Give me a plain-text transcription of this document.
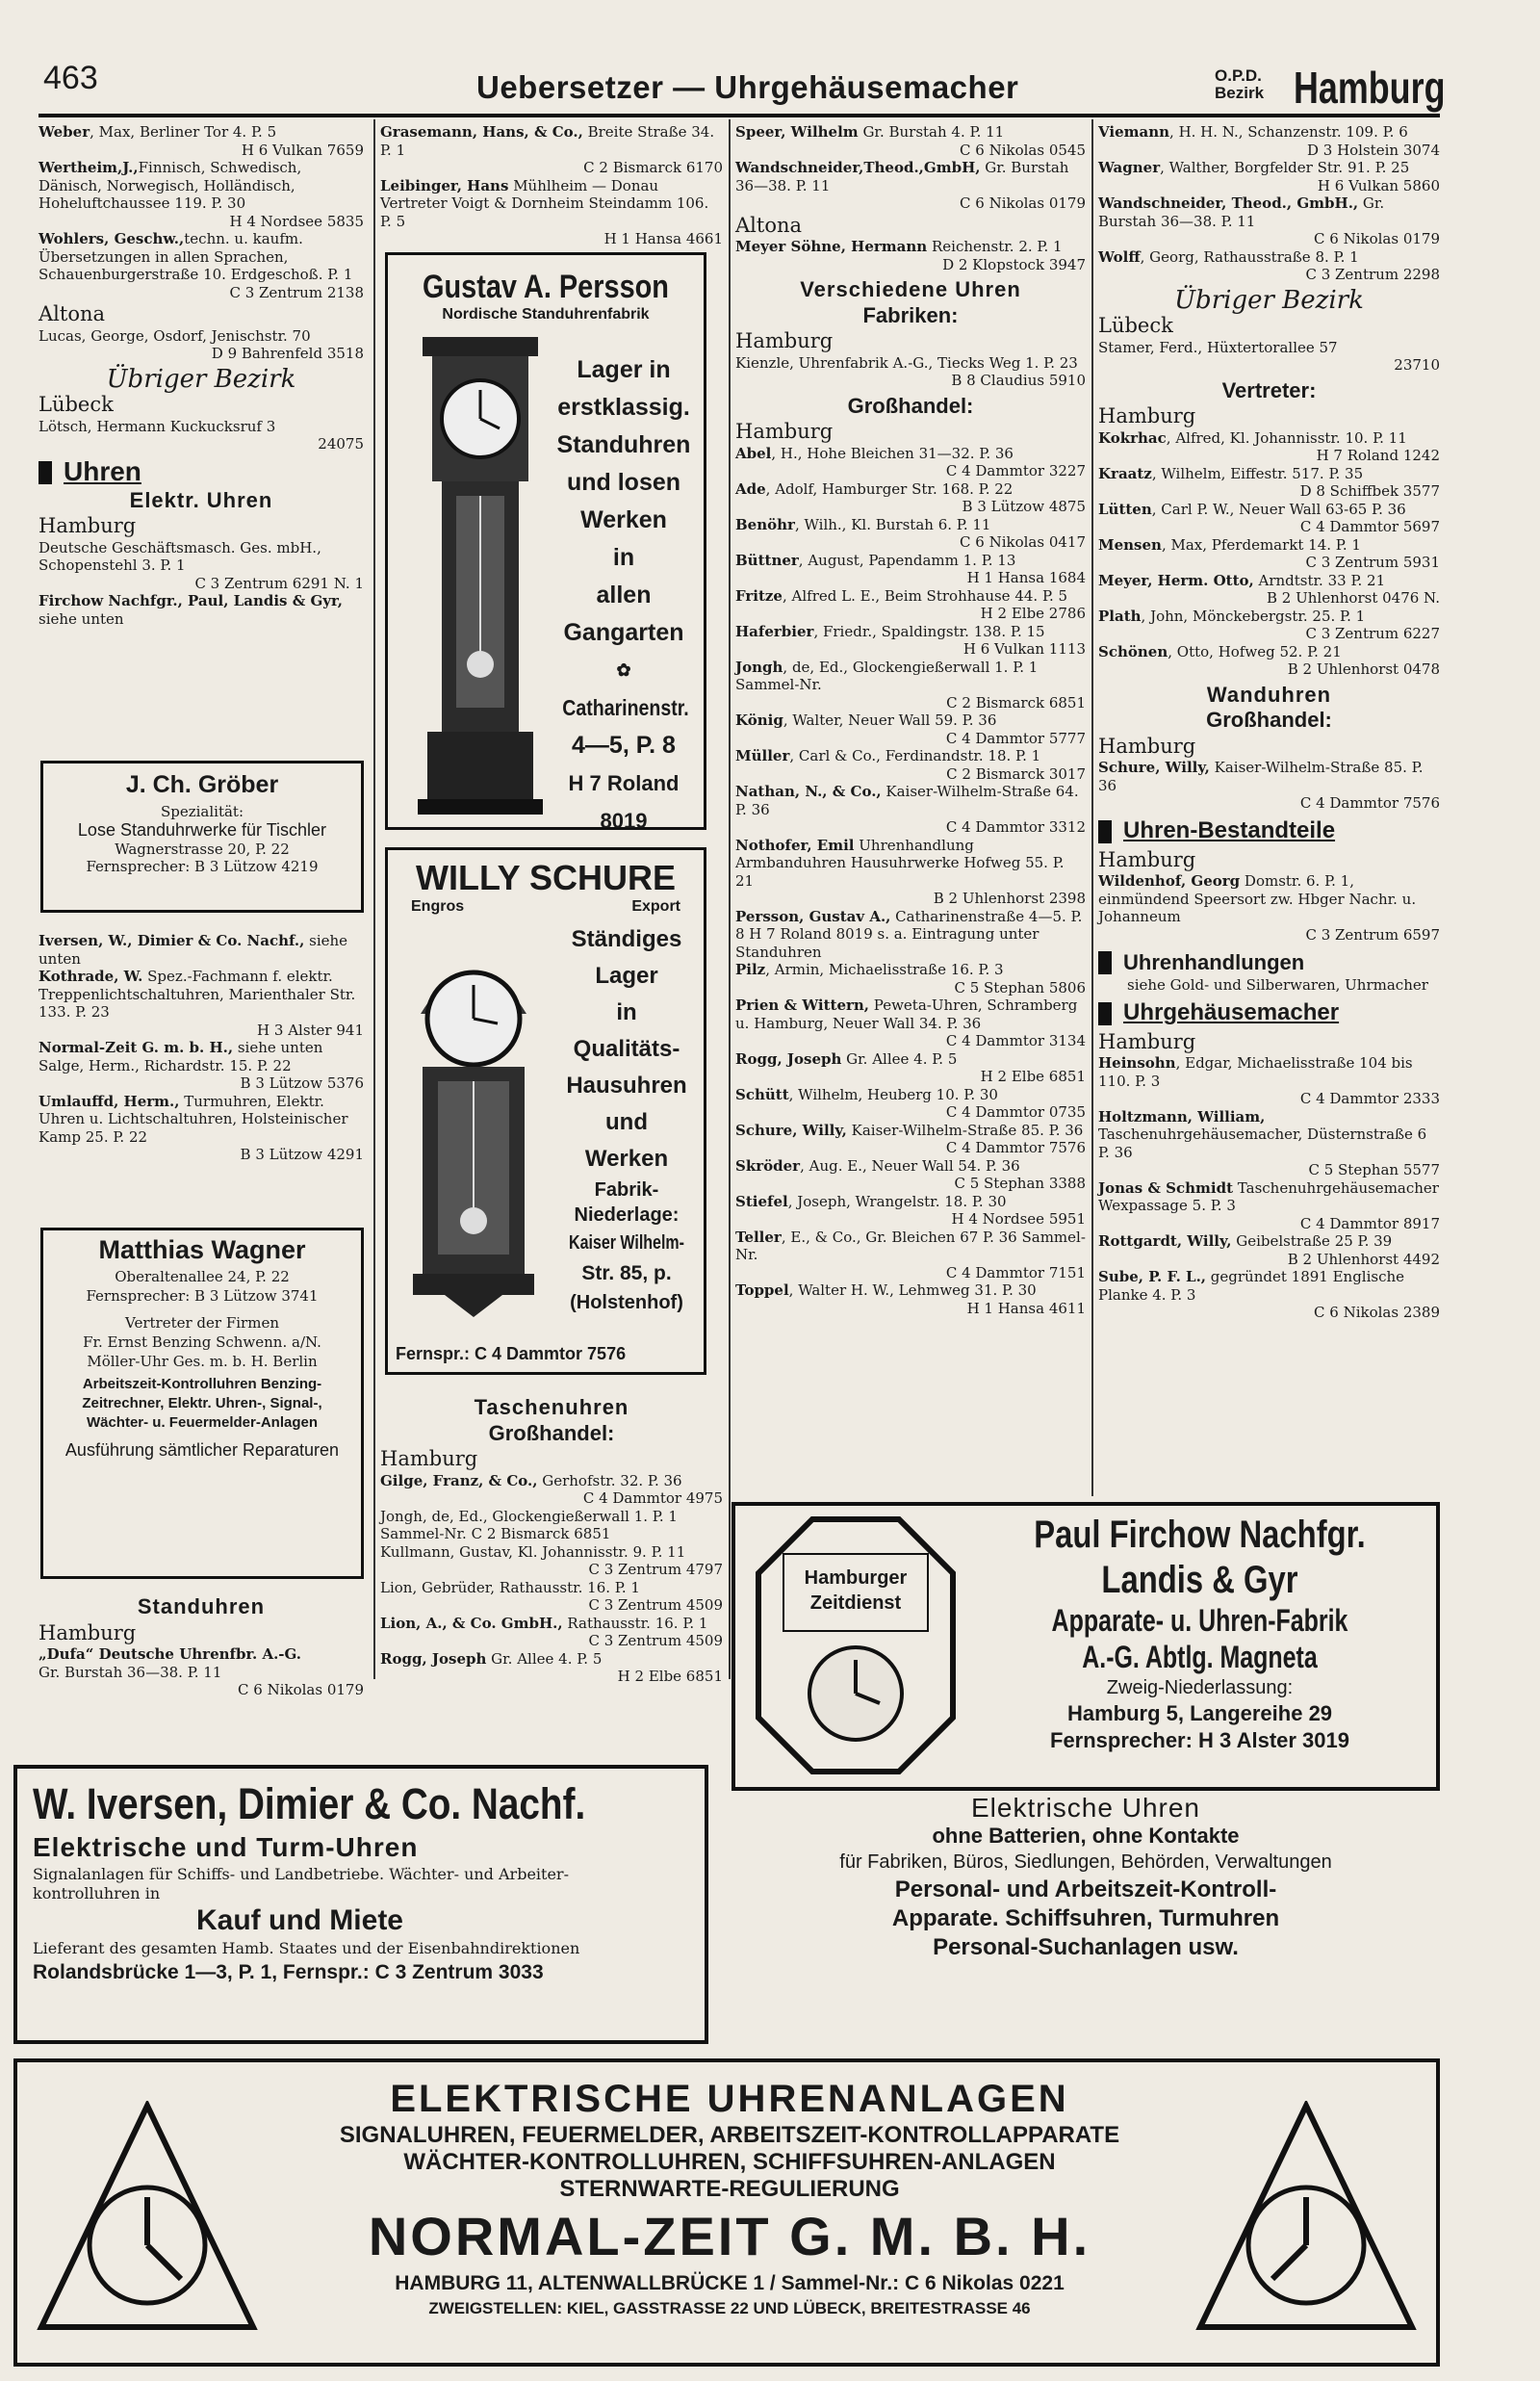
463	Uebersetzer — Uhrgehäusemacher	O.P.D.
Bezirk Hamburg
Weber, Max, Berliner Tor 4. P. 5
H 6 Vulkan 7659
Wertheim,J.,Finnisch, Schwedisch, Dänisch, Norwegisch, Holländisch, Hoheluftchaussee 119. P. 30
H 4 Nordsee 5835
Wohlers, Geschw.,techn. u. kaufm. Übersetzungen in allen Sprachen, Schauenburgerstraße 10. Erdgeschoß. P. 1
C 3 Zentrum 2138
Altona
Lucas, George, Osdorf, Jenischstr. 70
D 9 Bahrenfeld 3518
Übriger Bezirk
Lübeck
Lötsch, Hermann Kuckucksruf 3
24075
Uhren
Elektr. Uhren
Hamburg
Deutsche Geschäftsmasch. Ges. mbH., Schopenstehl 3. P. 1
C 3 Zentrum 6291 N. 1
Firchow Nachfgr., Paul, Landis & Gyr, siehe unten
J. Ch. Gröber
Spezialität:
Lose Standuhrwerke für Tischler
Wagnerstrasse 20, P. 22
Fernsprecher: B 3 Lützow 4219
Iversen, W., Dimier & Co. Nachf., siehe unten
Kothrade, W. Spez.-Fachmann f. elektr. Treppenlichtschaltuhren, Marienthaler Str. 133. P. 23
H 3 Alster 941
Normal-Zeit G. m. b. H., siehe unten
Salge, Herm., Richardstr. 15. P. 22
B 3 Lützow 5376
Umlauffd, Herm., Turmuhren, Elektr. Uhren u. Lichtschaltuhren, Holsteinischer Kamp 25. P. 22
B 3 Lützow 4291
Matthias Wagner
Oberaltenallee 24, P. 22
Fernsprecher: B 3 Lützow 3741
Vertreter der Firmen
Fr. Ernst Benzing Schwenn. a/N.
Möller-Uhr Ges. m. b. H. Berlin
Arbeitszeit-Kontrolluhren Benzing-Zeitrechner, Elektr. Uhren-, Signal-, Wächter- u. Feuermelder-Anlagen
Ausführung sämtlicher Reparaturen
Standuhren
Hamburg
„Dufa“ Deutsche Uhrenfbr. A.-G.
Gr. Burstah 36—38. P. 11
C 6 Nikolas 0179
Grasemann, Hans, & Co., Breite Straße 34. P. 1
C 2 Bismarck 6170
Leibinger, Hans Mühlheim — Donau Vertreter Voigt & Dornheim Steindamm 106. P. 5
H 1 Hansa 4661
Gustav A. Persson
Nordische Standuhrenfabrik
Lager in
erstklassig.
Standuhren
und losen
Werken
in
allen
Gangarten
✿
Catharinenstr.
4—5, P. 8
H 7 Roland 8019
WILLY SCHURE
Engros	Export
Ständiges
Lager
in
Qualitäts-
Hausuhren
und
Werken
Fabrik-
Niederlage:
Kaiser Wilhelm-
Str. 85, p.
(Holstenhof)
Fernspr.: C 4 Dammtor 7576
Taschenuhren
Großhandel:
Hamburg
Gilge, Franz, & Co., Gerhofstr. 32. P. 36
C 4 Dammtor 4975
Jongh, de, Ed., Glockengießerwall 1. P. 1 Sammel-Nr. C 2 Bismarck 6851
Kullmann, Gustav, Kl. Johannisstr. 9. P. 11
C 3 Zentrum 4797
Lion, Gebrüder, Rathausstr. 16. P. 1
C 3 Zentrum 4509
Lion, A., & Co. GmbH., Rathausstr. 16. P. 1
C 3 Zentrum 4509
Rogg, Joseph Gr. Allee 4. P. 5
H 2 Elbe 6851
Speer, Wilhelm Gr. Burstah 4. P. 11
C 6 Nikolas 0545
Wandschneider,Theod.,GmbH, Gr. Burstah 36—38. P. 11
C 6 Nikolas 0179
Altona
Meyer Söhne, Hermann Reichenstr. 2. P. 1
D 2 Klopstock 3947
Verschiedene Uhren
Fabriken:
Hamburg
Kienzle, Uhrenfabrik A.-G., Tiecks Weg 1. P. 23
B 8 Claudius 5910
Großhandel:
Hamburg
Abel, H., Hohe Bleichen 31—32. P. 36
C 4 Dammtor 3227
Ade, Adolf, Hamburger Str. 168. P. 22
B 3 Lützow 4875
Benöhr, Wilh., Kl. Burstah 6. P. 11
C 6 Nikolas 0417
Büttner, August, Papendamm 1. P. 13
H 1 Hansa 1684
Fritze, Alfred L. E., Beim Strohhause 44. P. 5
H 2 Elbe 2786
Haferbier, Friedr., Spaldingstr. 138. P. 15
H 6 Vulkan 1113
Jongh, de, Ed., Glockengießerwall 1. P. 1 Sammel-Nr.
C 2 Bismarck 6851
König, Walter, Neuer Wall 59. P. 36
C 4 Dammtor 5777
Müller, Carl & Co., Ferdinandstr. 18. P. 1
C 2 Bismarck 3017
Nathan, N., & Co., Kaiser-Wilhelm-Straße 64. P. 36
C 4 Dammtor 3312
Nothofer, Emil Uhrenhandlung Armbanduhren Hausuhrwerke Hofweg 55. P. 21
B 2 Uhlenhorst 2398
Persson, Gustav A., Catharinenstraße 4—5. P. 8 H 7 Roland 8019 s. a. Eintragung unter Standuhren
Pilz, Armin, Michaelisstraße 16. P. 3
C 5 Stephan 5806
Prien & Wittern, Peweta-Uhren, Schramberg u. Hamburg, Neuer Wall 34. P. 36
C 4 Dammtor 3134
Rogg, Joseph Gr. Allee 4. P. 5
H 2 Elbe 6851
Schütt, Wilhelm, Heuberg 10. P. 30
C 4 Dammtor 0735
Schure, Willy, Kaiser-Wilhelm-Straße 85. P. 36
C 4 Dammtor 7576
Skröder, Aug. E., Neuer Wall 54. P. 36
C 5 Stephan 3388
Stiefel, Joseph, Wrangelstr. 18. P. 30
H 4 Nordsee 5951
Teller, E., & Co., Gr. Bleichen 67 P. 36 Sammel-Nr.
C 4 Dammtor 7151
Toppel, Walter H. W., Lehmweg 31. P. 30
H 1 Hansa 4611
Viemann, H. H. N., Schanzenstr. 109. P. 6
D 3 Holstein 3074
Wagner, Walther, Borgfelder Str. 91. P. 25
H 6 Vulkan 5860
Wandschneider, Theod., GmbH., Gr. Burstah 36—38. P. 11
C 6 Nikolas 0179
Wolff, Georg, Rathausstraße 8. P. 1
C 3 Zentrum 2298
Übriger Bezirk
Lübeck
Stamer, Ferd., Hüxtertorallee 57
23710
Vertreter:
Hamburg
Kokrhac, Alfred, Kl. Johannisstr. 10. P. 11
H 7 Roland 1242
Kraatz, Wilhelm, Eiffestr. 517. P. 35
D 8 Schiffbek 3577
Lütten, Carl P. W., Neuer Wall 63-65 P. 36
C 4 Dammtor 5697
Mensen, Max, Pferdemarkt 14. P. 1
C 3 Zentrum 5931
Meyer, Herm. Otto, Arndtstr. 33 P. 21
B 2 Uhlenhorst 0476 N.
Plath, John, Mönckebergstr. 25. P. 1
C 3 Zentrum 6227
Schönen, Otto, Hofweg 52. P. 21
B 2 Uhlenhorst 0478
Wanduhren
Großhandel:
Hamburg
Schure, Willy, Kaiser-Wilhelm-Straße 85. P. 36
C 4 Dammtor 7576
Uhren-Bestandteile
Hamburg
Wildenhof, Georg Domstr. 6. P. 1, einmündend Speersort zw. Hbger Nachr. u. Johanneum
C 3 Zentrum 6597
Uhrenhandlungen
siehe Gold- und Silberwaren, Uhrmacher
Uhrgehäusemacher
Hamburg
Heinsohn, Edgar, Michaelisstraße 104 bis 110. P. 3
C 4 Dammtor 2333
Holtzmann, William, Taschenuhrgehäusemacher, Düsternstraße 6 P. 36
C 5 Stephan 5577
Jonas & Schmidt Taschenuhrgehäusemacher Wexpassage 5. P. 3
C 4 Dammtor 8917
Rottgardt, Willy, Geibelstraße 25 P. 39
B 2 Uhlenhorst 4492
Sube, P. F. L., gegründet 1891 Englische Planke 4. P. 3
C 6 Nikolas 2389
Hamburger
Zeitdienst
Paul Firchow Nachfgr.
Landis & Gyr
Apparate- u. Uhren-Fabrik
A.-G. Abtlg. Magneta
Zweig-Niederlassung:
Hamburg 5, Langereihe 29
Fernsprecher: H 3 Alster 3019
Elektrische Uhren
ohne Batterien, ohne Kontakte
für Fabriken, Büros, Siedlungen, Behörden, Verwaltungen
Personal- und Arbeitszeit-Kontroll-
Apparate. Schiffsuhren, Turmuhren
Personal-Suchanlagen usw.
W. Iversen, Dimier & Co. Nachf.
Elektrische und Turm-Uhren
Signalanlagen für Schiffs- und Landbetriebe. Wächter- und Arbeiter-
kontrolluhren in
Kauf und Miete
Lieferant des gesamten Hamb. Staates und der Eisenbahndirektionen
Rolandsbrücke 1—3, P. 1, Fernspr.: C 3 Zentrum 3033
ELEKTRISCHE UHRENANLAGEN
SIGNALUHREN, FEUERMELDER, ARBEITSZEIT-KONTROLLAPPARATE
WÄCHTER-KONTROLLUHREN, SCHIFFSUHREN-ANLAGEN
STERNWARTE-REGULIERUNG
NORMAL-ZEIT G. M. B. H.
HAMBURG 11, ALTENWALLBRÜCKE 1 / Sammel-Nr.: C 6 Nikolas 0221
ZWEIGSTELLEN: KIEL, GASSTRASSE 22 UND LÜBECK, BREITESTRASSE 46
